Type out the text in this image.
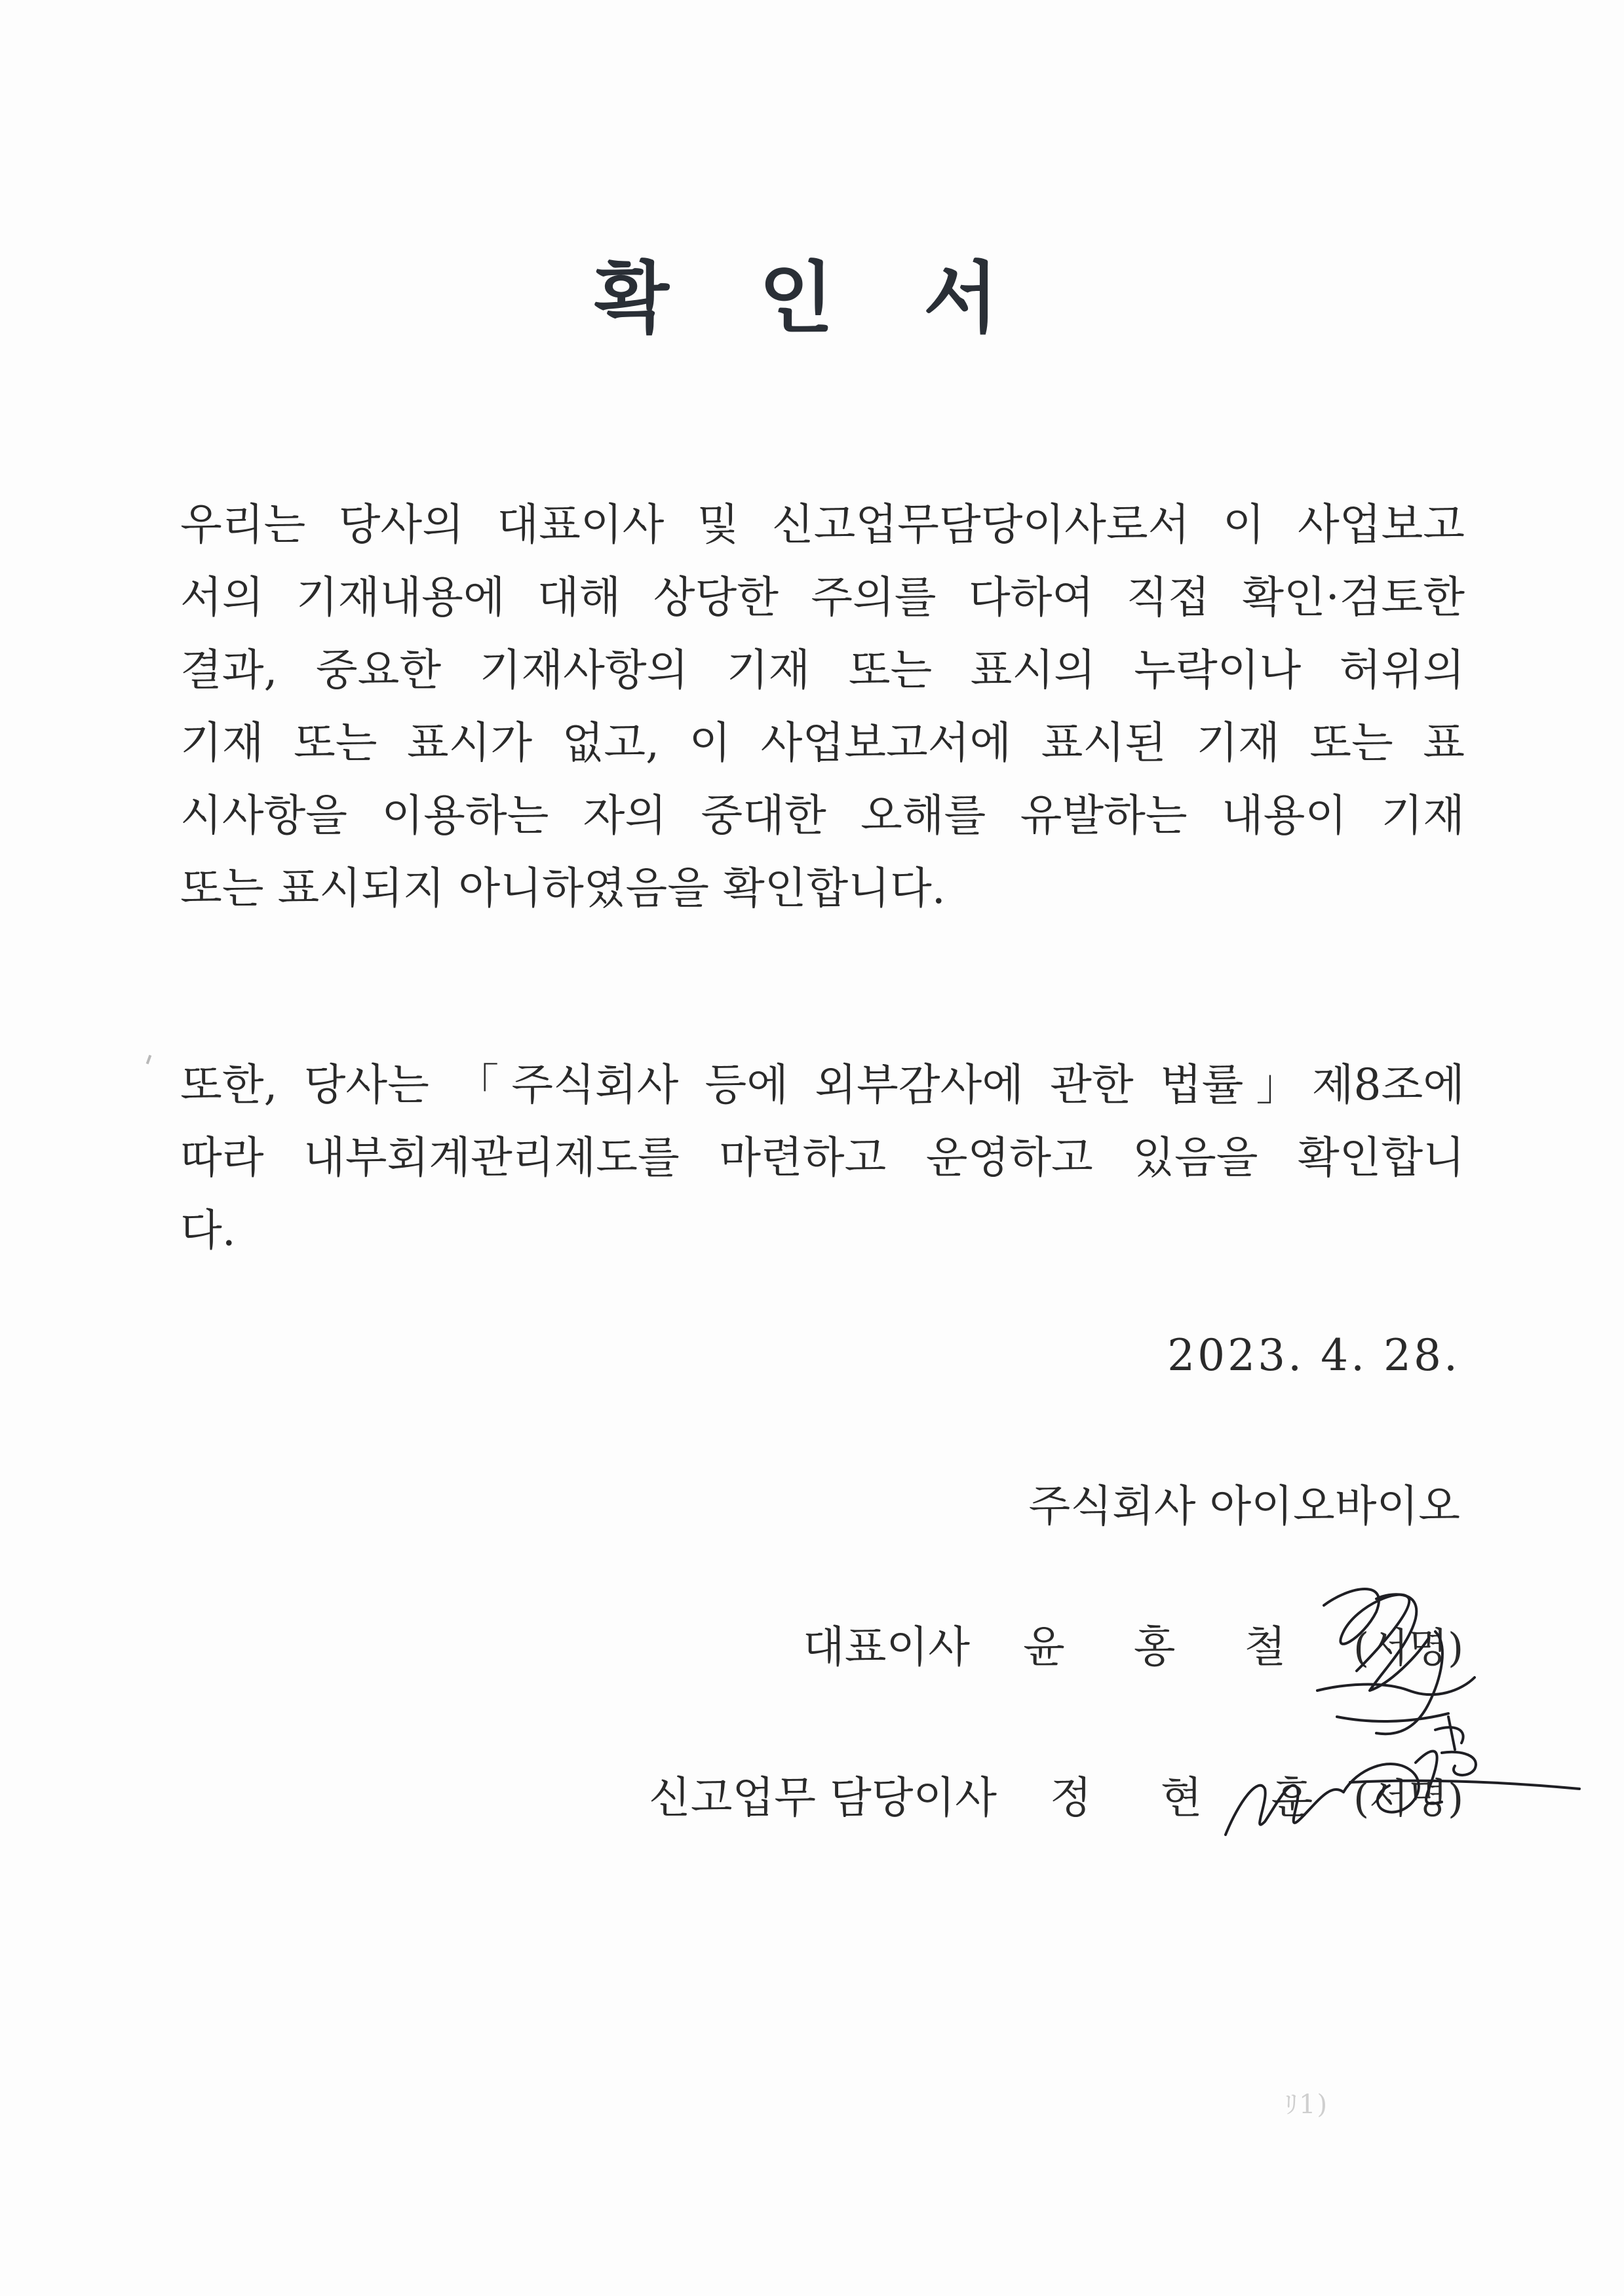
확 인 서
우리는 당사의 대표이사 및 신고업무담당이사로서 이 사업보고
서의 기재내용에 대해 상당한 주의를 다하여 직접 확인·검토한
결과, 중요한 기재사항의 기재 또는 표시의 누락이나 허위의
기재 또는 표시가 없고, 이 사업보고서에 표시된 기재 또는 표
시사항을 이용하는 자의 중대한 오해를 유발하는 내용이 기재
또는 표시되지 아니하였음을 확인합니다.
또한, 당사는 「주식회사 등에 외부감사에 관한 법률」제8조에
따라 내부회계관리제도를 마련하고 운영하고 있음을 확인합니
다.
2023. 4. 28.
주식회사 아이오바이오
대표이사 윤 홍 철 (서명)
신고업무 담당이사 정 현 훈 (서명)
ﾘ1)
